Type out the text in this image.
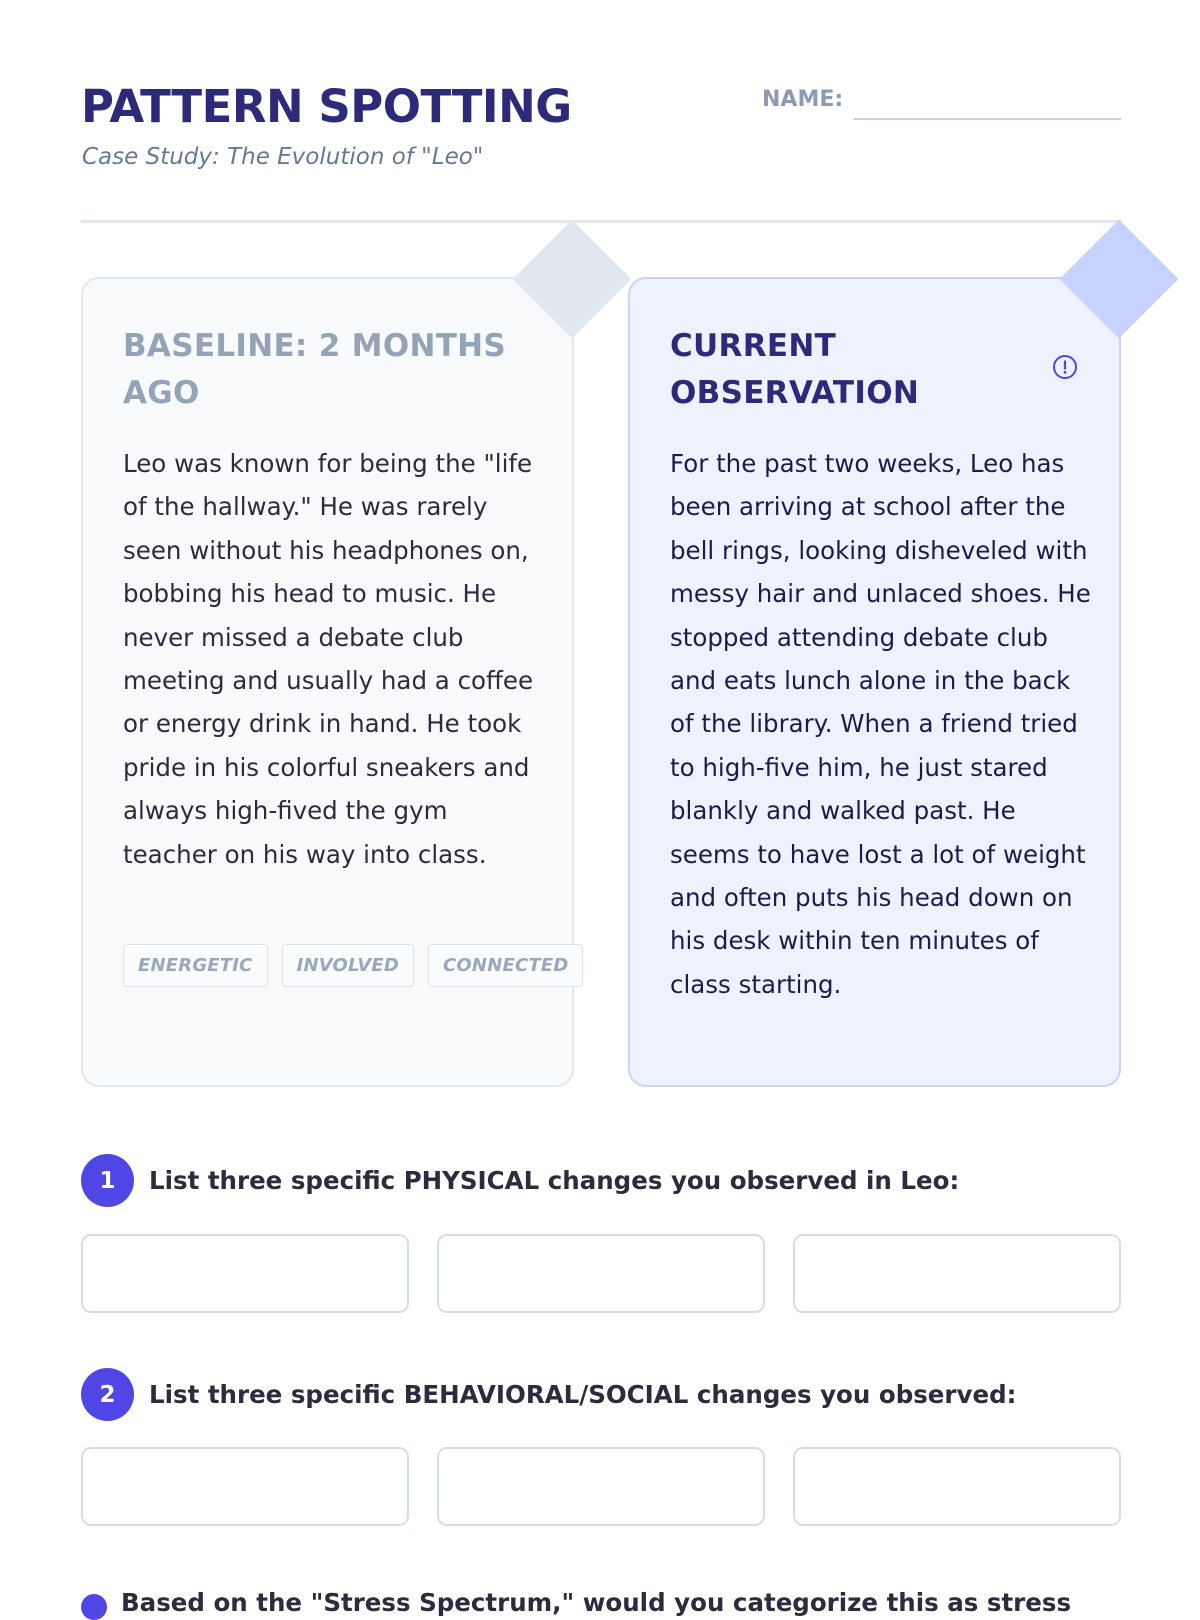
PATTERN SPOTTING
Case Study: The Evolution of "Leo"
NAME:
BASELINE: 2 MONTHS
AGO

Leo was known for being the "life of the hallway." He was rarely seen without his headphones on, bobbing his head to music. He never missed a debate club meeting and usually had a coffee or energy drink in hand. He took pride in his colorful sneakers and always high-fived the gym teacher on his way into class.

ENERGETIC	INVOLVED	CONNECTED
CURRENT
OBSERVATION

For the past two weeks, Leo has been arriving at school after the bell rings, looking disheveled with messy hair and unlaced shoes. He stopped attending debate club and eats lunch alone in the back of the library. When a friend tried to high-five him, he just stared blankly and walked past. He seems to have lost a lot of weight and often puts his head down on his desk within ten minutes of class starting.

1	List three specific PHYSICAL changes you observed in Leo:
2	List three specific BEHAVIORAL/SOCIAL changes you observed:
Based on the "Stress Spectrum," would you categorize this as stress
